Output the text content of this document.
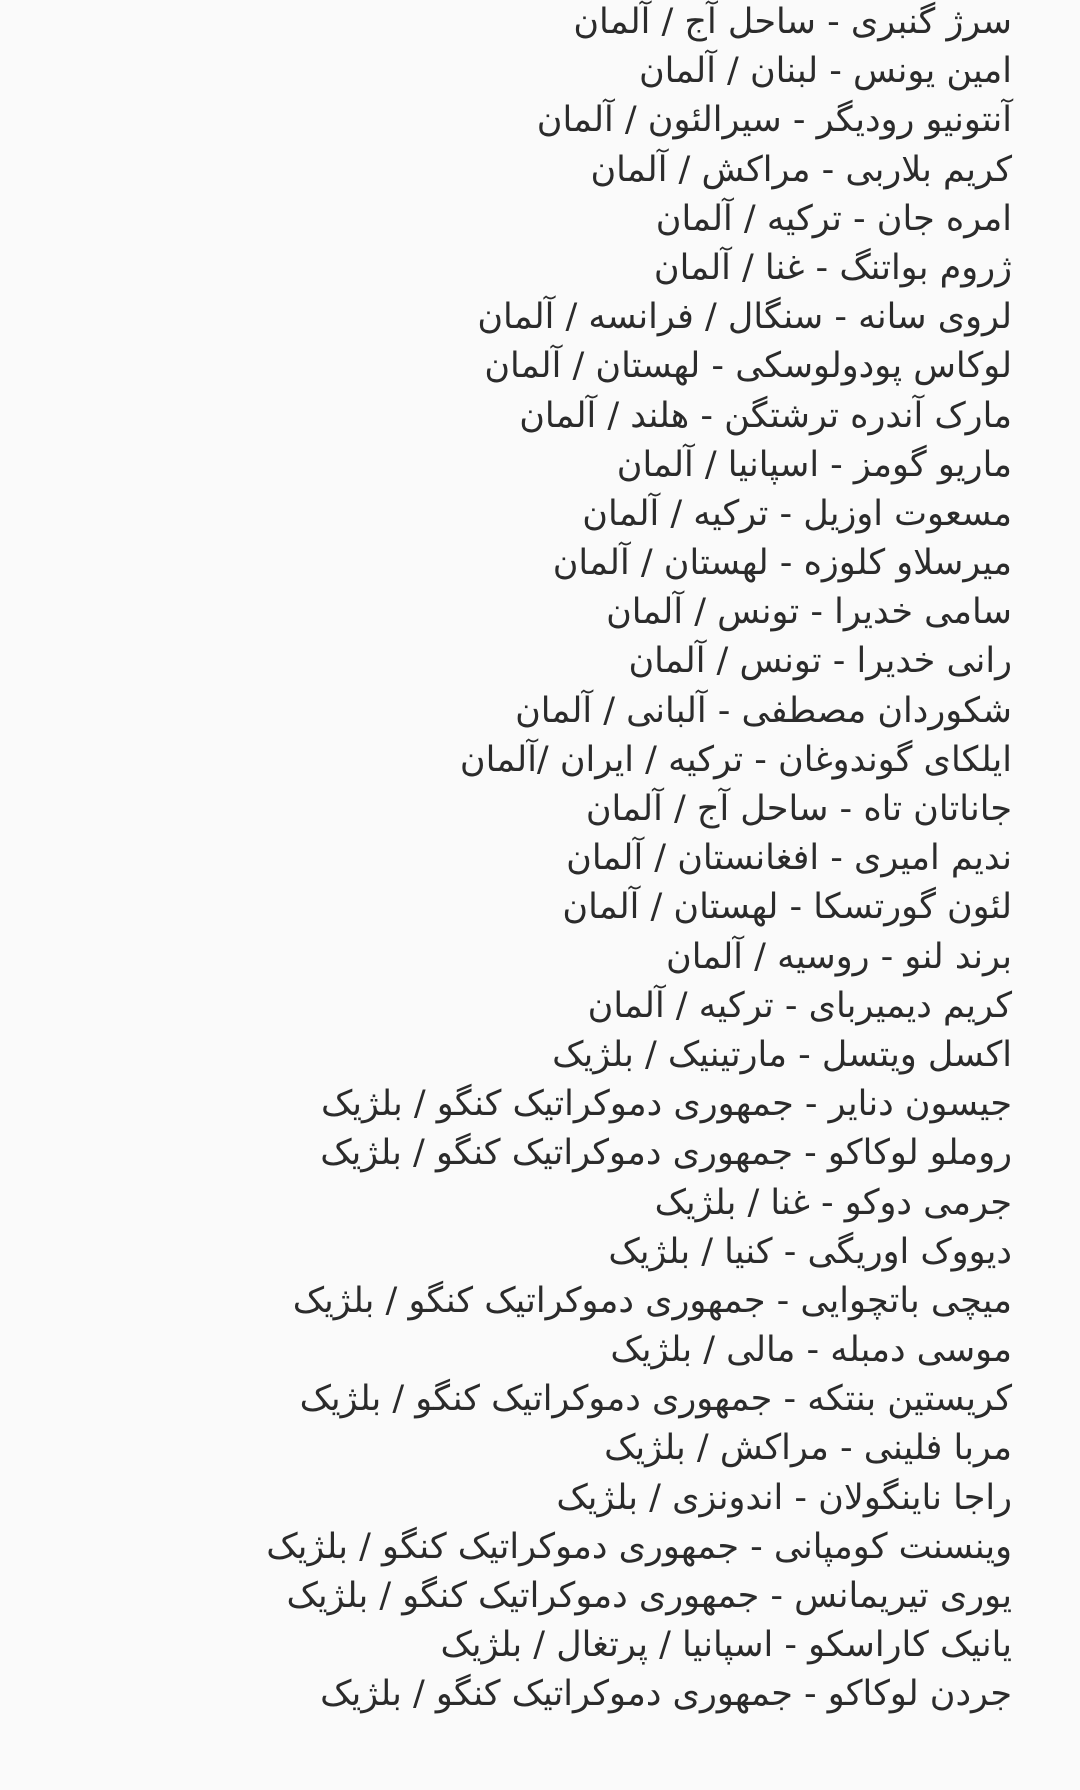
سرژ گنبری - ساحل آج / آلمان
امین یونس - لبنان / آلمان
آنتونیو رودیگر - سیرالئون / آلمان
کریم بلاربی - مراکش / آلمان
امره جان - ترکیه / آلمان
ژروم بواتنگ - غنا / آلمان
لروی سانه - سنگال / فرانسه / آلمان
لوکاس پودولوسکی - لهستان / آلمان
مارک آندره ترشتگن - هلند / آلمان
ماریو گومز - اسپانیا / آلمان
مسعوت اوزیل - ترکیه / آلمان
میرسلاو کلوزه - لهستان / آلمان
سامی خدیرا - تونس / آلمان
رانی خدیرا - تونس / آلمان
شکوردان مصطفی - آلبانی / آلمان
ایلکای گوندوغان - ترکیه / ایران /آلمان
جاناتان تاه - ساحل آج / آلمان
ندیم امیری - افغانستان / آلمان
لئون گورتسکا - لهستان / آلمان
برند لنو - روسیه / آلمان
کریم دیمیربای - ترکیه / آلمان
اکسل ویتسل - مارتینیک / بلژیک
جیسون دنایر - جمهوری دموکراتیک کنگو / بلژیک
روملو لوکاکو - جمهوری دموکراتیک کنگو / بلژیک
جرمی دوکو - غنا / بلژیک
دیووک اوریگی - کنیا / بلژیک
میچی باتچوایی - جمهوری دموکراتیک کنگو / بلژیک
موسی دمبله - مالی / بلژیک
کریستین بنتکه - جمهوری دموکراتیک کنگو / بلژیک
مربا فلینی - مراکش / بلژیک
راجا ناینگولان - اندونزی / بلژیک
وینسنت کومپانی - جمهوری دموکراتیک کنگو / بلژیک
یوری تیریمانس - جمهوری دموکراتیک کنگو / بلژیک
یانیک کاراسکو - اسپانیا / پرتغال / بلژیک
جردن لوکاکو - جمهوری دموکراتیک کنگو / بلژیک
